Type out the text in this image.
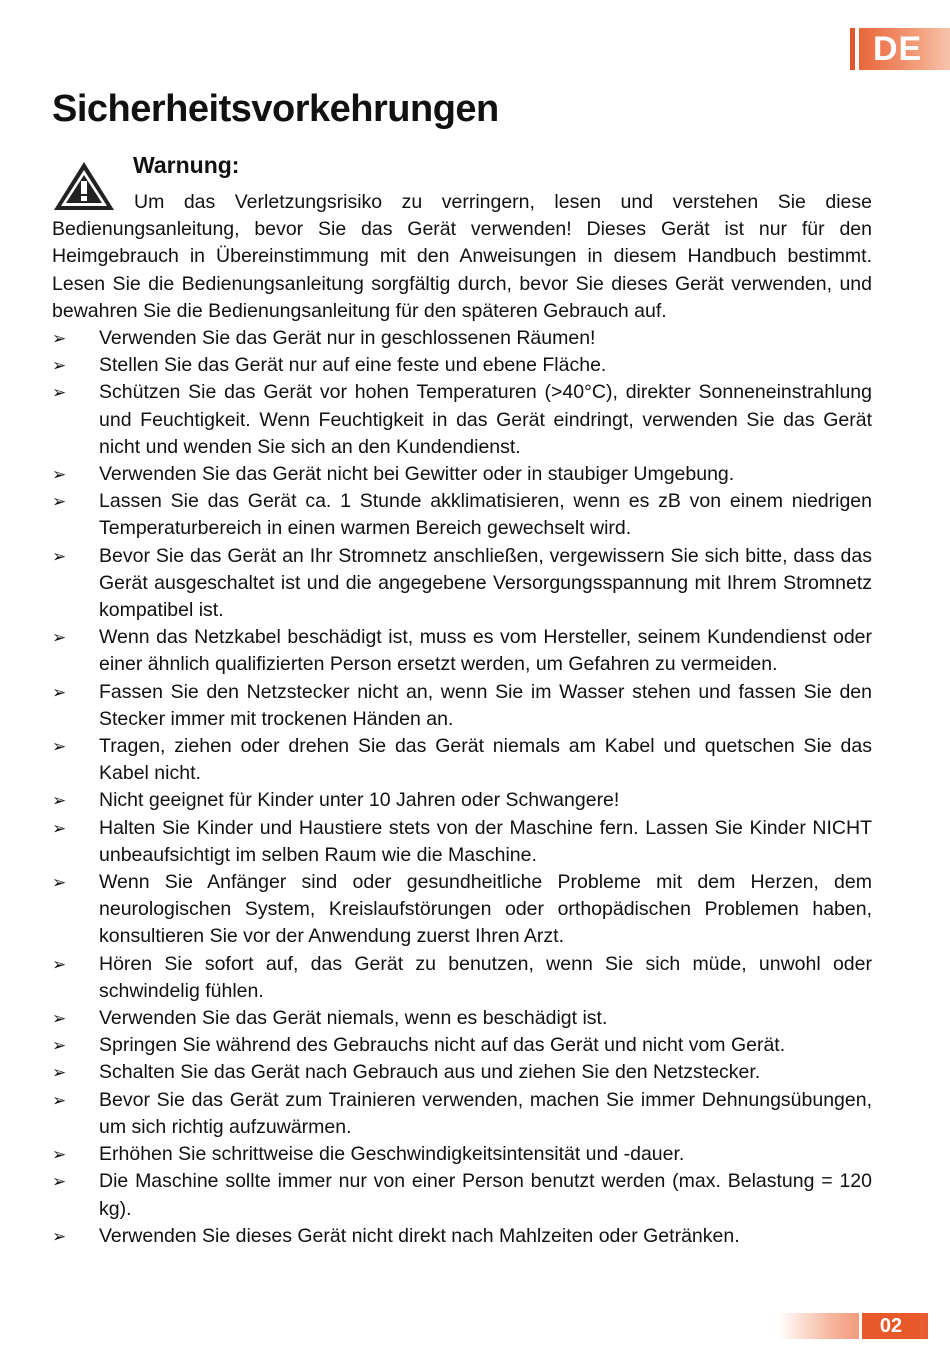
DE
Sicherheitsvorkehrungen
Warnung:

Um das Verletzungsrisiko zu verringern, lesen und verstehen Sie diese Bedienungsanleitung, bevor Sie das Gerät verwenden! Dieses Gerät ist nur für den Heimgebrauch in Übereinstimmung mit den Anweisungen in diesem Handbuch bestimmt. Lesen Sie die Bedienungsanleitung sorgfältig durch, bevor Sie dieses Gerät verwenden, und bewahren Sie die Bedienungsanleitung für den späteren Gebrauch auf.

➢	Verwenden Sie das Gerät nur in geschlossenen Räumen!
➢	Stellen Sie das Gerät nur auf eine feste und ebene Fläche.
➢	Schützen Sie das Gerät vor hohen Temperaturen (>40°C), direkter Sonneneinstrahlung und Feuchtigkeit. Wenn Feuchtigkeit in das Gerät eindringt, verwenden Sie das Gerät nicht und wenden Sie sich an den Kundendienst.
➢	Verwenden Sie das Gerät nicht bei Gewitter oder in staubiger Umgebung.
➢	Lassen Sie das Gerät ca. 1 Stunde akklimatisieren, wenn es zB von einem niedrigen Temperaturbereich in einen warmen Bereich gewechselt wird.
➢	Bevor Sie das Gerät an Ihr Stromnetz anschließen, vergewissern Sie sich bitte, dass das Gerät ausgeschaltet ist und die angegebene Versorgungsspannung mit Ihrem Stromnetz kompatibel ist.
➢	Wenn das Netzkabel beschädigt ist, muss es vom Hersteller, seinem Kundendienst oder einer ähnlich qualifizierten Person ersetzt werden, um Gefahren zu vermeiden.
➢	Fassen Sie den Netzstecker nicht an, wenn Sie im Wasser stehen und fassen Sie den Stecker immer mit trockenen Händen an.
➢	Tragen, ziehen oder drehen Sie das Gerät niemals am Kabel und quetschen Sie das Kabel nicht.
➢	Nicht geeignet für Kinder unter 10 Jahren oder Schwangere!
➢	Halten Sie Kinder und Haustiere stets von der Maschine fern. Lassen Sie Kinder NICHT unbeaufsichtigt im selben Raum wie die Maschine.
➢	Wenn Sie Anfänger sind oder gesundheitliche Probleme mit dem Herzen, dem neurologischen System, Kreislaufstörungen oder orthopädischen Problemen haben, konsultieren Sie vor der Anwendung zuerst Ihren Arzt.
➢	Hören Sie sofort auf, das Gerät zu benutzen, wenn Sie sich müde, unwohl oder schwindelig fühlen.
➢	Verwenden Sie das Gerät niemals, wenn es beschädigt ist.
➢	Springen Sie während des Gebrauchs nicht auf das Gerät und nicht vom Gerät.
➢	Schalten Sie das Gerät nach Gebrauch aus und ziehen Sie den Netzstecker.
➢	Bevor Sie das Gerät zum Trainieren verwenden, machen Sie immer Dehnungsübungen, um sich richtig aufzuwärmen.
➢	Erhöhen Sie schrittweise die Geschwindigkeitsintensität und -dauer.
➢	Die Maschine sollte immer nur von einer Person benutzt werden (max. Belastung = 120 kg).
➢	Verwenden Sie dieses Gerät nicht direkt nach Mahlzeiten oder Getränken.
02
